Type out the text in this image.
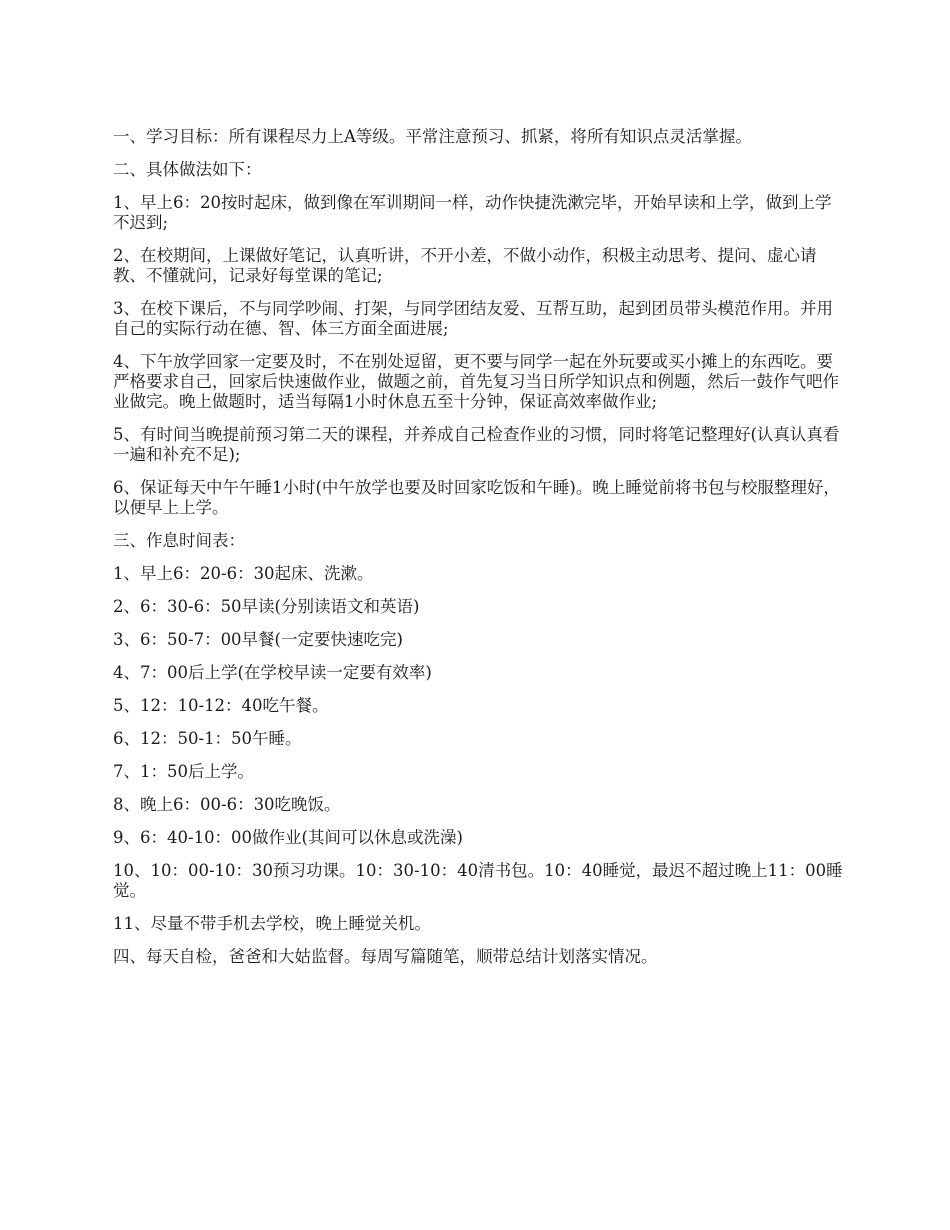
一、学习目标：所有课程尽力上A等级。平常注意预习、抓紧，将所有知识点灵活掌握。

二、具体做法如下：

1、早上6：20按时起床，做到像在军训期间一样，动作快捷洗漱完毕，开始早读和上学，做到上学不迟到;

2、在校期间，上课做好笔记，认真听讲，不开小差，不做小动作，积极主动思考、提问、虚心请教、不懂就问，记录好每堂课的笔记;

3、在校下课后，不与同学吵闹、打架，与同学团结友爱、互帮互助，起到团员带头模范作用。并用自己的实际行动在德、智、体三方面全面进展;

4、下午放学回家一定要及时，不在别处逗留，更不要与同学一起在外玩要或买小摊上的东西吃。要严格要求自己，回家后快速做作业，做题之前，首先复习当日所学知识点和例题，然后一鼓作气吧作业做完。晚上做题时，适当每隔1小时休息五至十分钟，保证高效率做作业;

5、有时间当晚提前预习第二天的课程，并养成自己检查作业的习惯，同时将笔记整理好(认真认真看一遍和补充不足);

6、保证每天中午午睡1小时(中午放学也要及时回家吃饭和午睡)。晚上睡觉前将书包与校服整理好，以便早上上学。

三、作息时间表：

1、早上6：20-6：30起床、洗漱。

2、6：30-6：50早读(分别读语文和英语)

3、6：50-7：00早餐(一定要快速吃完)

4、7：00后上学(在学校早读一定要有效率)

5、12：10-12：40吃午餐。

6、12：50-1：50午睡。

7、1：50后上学。

8、晚上6：00-6：30吃晚饭。

9、6：40-10：00做作业(其间可以休息或洗澡)

10、10：00-10：30预习功课。10：30-10：40清书包。10：40睡觉，最迟不超过晚上11：00睡觉。

11、尽量不带手机去学校，晚上睡觉关机。

四、每天自检，爸爸和大姑监督。每周写篇随笔，顺带总结计划落实情况。
